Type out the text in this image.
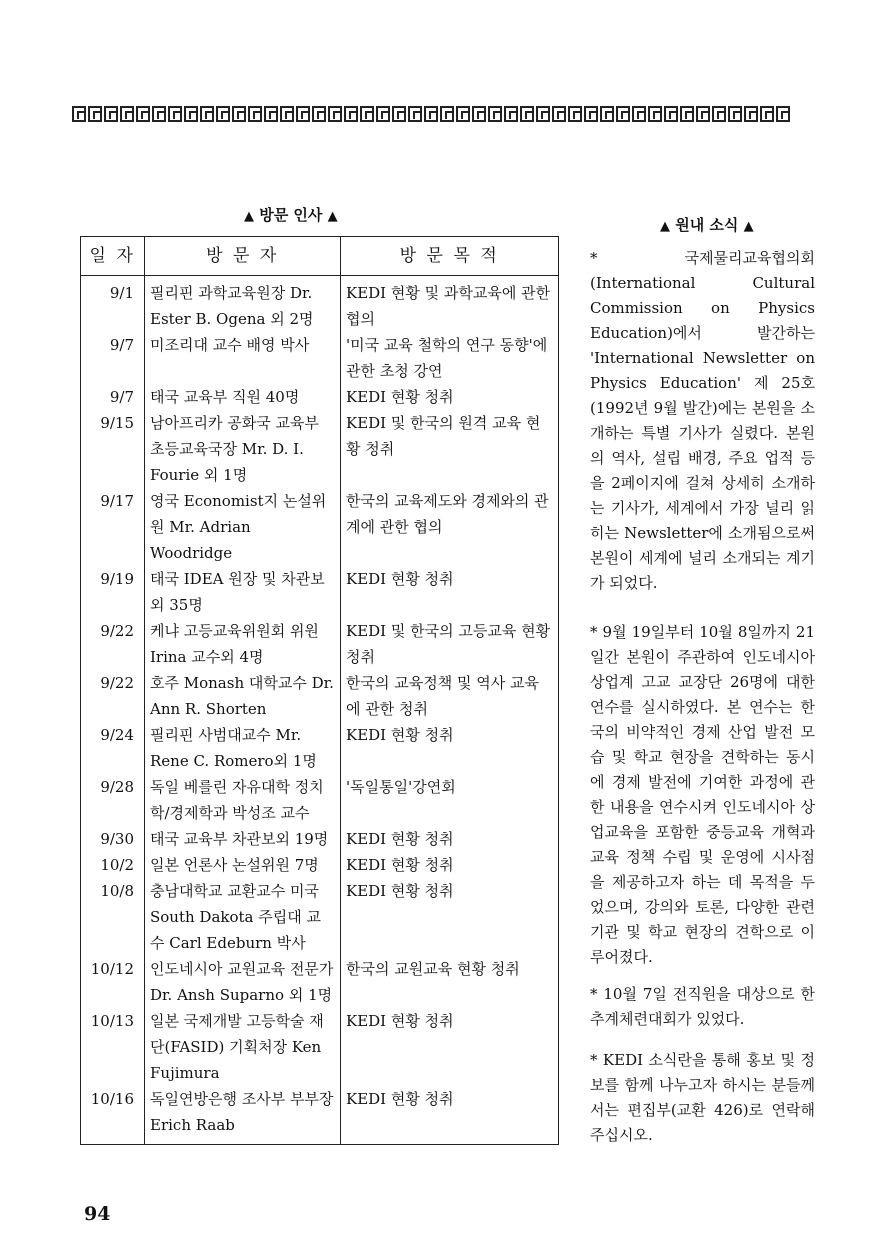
▲ 방문 인사 ▲
일 자	방 문 자	방 문 목 적
9/1	필리핀 과학교육원장 Dr. Ester B. Ogena 외 2명	KEDI 현황 및 과학교육에 관한 협의
9/7	미조리대 교수 배영 박사	'미국 교육 철학의 연구 동향'에 관한 초청 강연
9/7	태국 교육부 직원 40명	KEDI 현황 청취
9/15	남아프리카 공화국 교육부 초등교육국장 Mr. D. I. Fourie 외 1명	KEDI 및 한국의 원격 교육 현황 청취
9/17	영국 Economist지 논설위원 Mr. Adrian Woodridge	한국의 교육제도와 경제와의 관계에 관한 협의
9/19	태국 IDEA 원장 및 차관보 외 35명	KEDI 현황 청취
9/22	케냐 고등교육위원회 위원 Irina 교수외 4명	KEDI 및 한국의 고등교육 현황 청취
9/22	호주 Monash 대학교수 Dr. Ann R. Shorten	한국의 교육정책 및 역사 교육에 관한 청취
9/24	필리핀 사범대교수 Mr. Rene C. Romero외 1명	KEDI 현황 청취
9/28	독일 베를린 자유대학 정치학/경제학과 박성조 교수	'독일통일'강연회
9/30	태국 교육부 차관보외 19명	KEDI 현황 청취
10/2	일본 언론사 논설위원 7명	KEDI 현황 청취
10/8	충남대학교 교환교수 미국 South Dakota 주립대 교수 Carl Edeburn 박사	KEDI 현황 청취
10/12	인도네시아 교원교육 전문가 Dr. Ansh Suparno 외 1명	한국의 교원교육 현황 청취
10/13	일본 국제개발 고등학술 재단(FASID) 기획처장 Ken Fujimura	KEDI 현황 청취
10/16	독일연방은행 조사부 부부장 Erich Raab	KEDI 현황 청취
▲ 원내 소식 ▲

* 국제물리교육협의회(International Cultural Commission on Physics Education)에서 발간하는 'International Newsletter on Physics Education' 제 25호(1992년 9월 발간)에는 본원을 소개하는 특별 기사가 실렸다. 본원의 역사, 설립 배경, 주요 업적 등을 2페이지에 걸쳐 상세히 소개하는 기사가, 세계에서 가장 널리 읽히는 Newsletter에 소개됨으로써 본원이 세계에 널리 소개되는 계기가 되었다.

* 9월 19일부터 10월 8일까지 21일간 본원이 주관하여 인도네시아 상업계 고교 교장단 26명에 대한 연수를 실시하였다. 본 연수는 한국의 비약적인 경제 산업 발전 모습 및 학교 현장을 견학하는 동시에 경제 발전에 기여한 과정에 관한 내용을 연수시켜 인도네시아 상업교육을 포함한 중등교육 개혁과 교육 정책 수립 및 운영에 시사점을 제공하고자 하는 데 목적을 두었으며, 강의와 토론, 다양한 관련 기관 및 학교 현장의 견학으로 이루어졌다.

* 10월 7일 전직원을 대상으로 한 추계체련대회가 있었다.

* KEDI 소식란을 통해 홍보 및 정보를 함께 나누고자 하시는 분들께서는 편집부(교환 426)로 연락해 주십시오.

94
